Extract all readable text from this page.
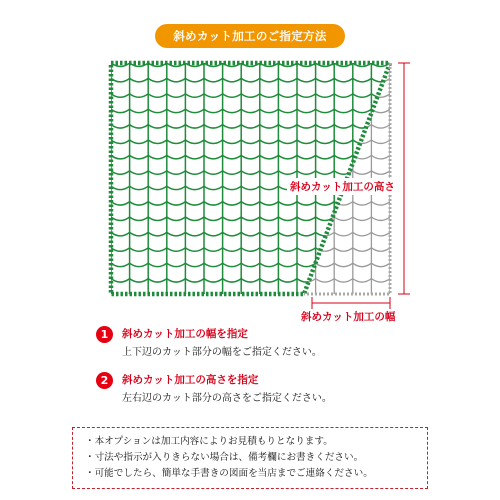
斜めカット加工のご指定方法
斜めカット加工の高さ
斜めカット加工の幅
1	斜めカット加工の幅を指定
上下辺のカット部分の幅をご指定ください。
2	斜めカット加工の高さを指定
左右辺のカット部分の高さをご指定ください。
・本オプションは加工内容によりお見積もりとなります。
・寸法や指示が入りきらない場合は、備考欄にお書きください。
・可能でしたら、簡単な手書きの図面を当店までご連絡ください。
